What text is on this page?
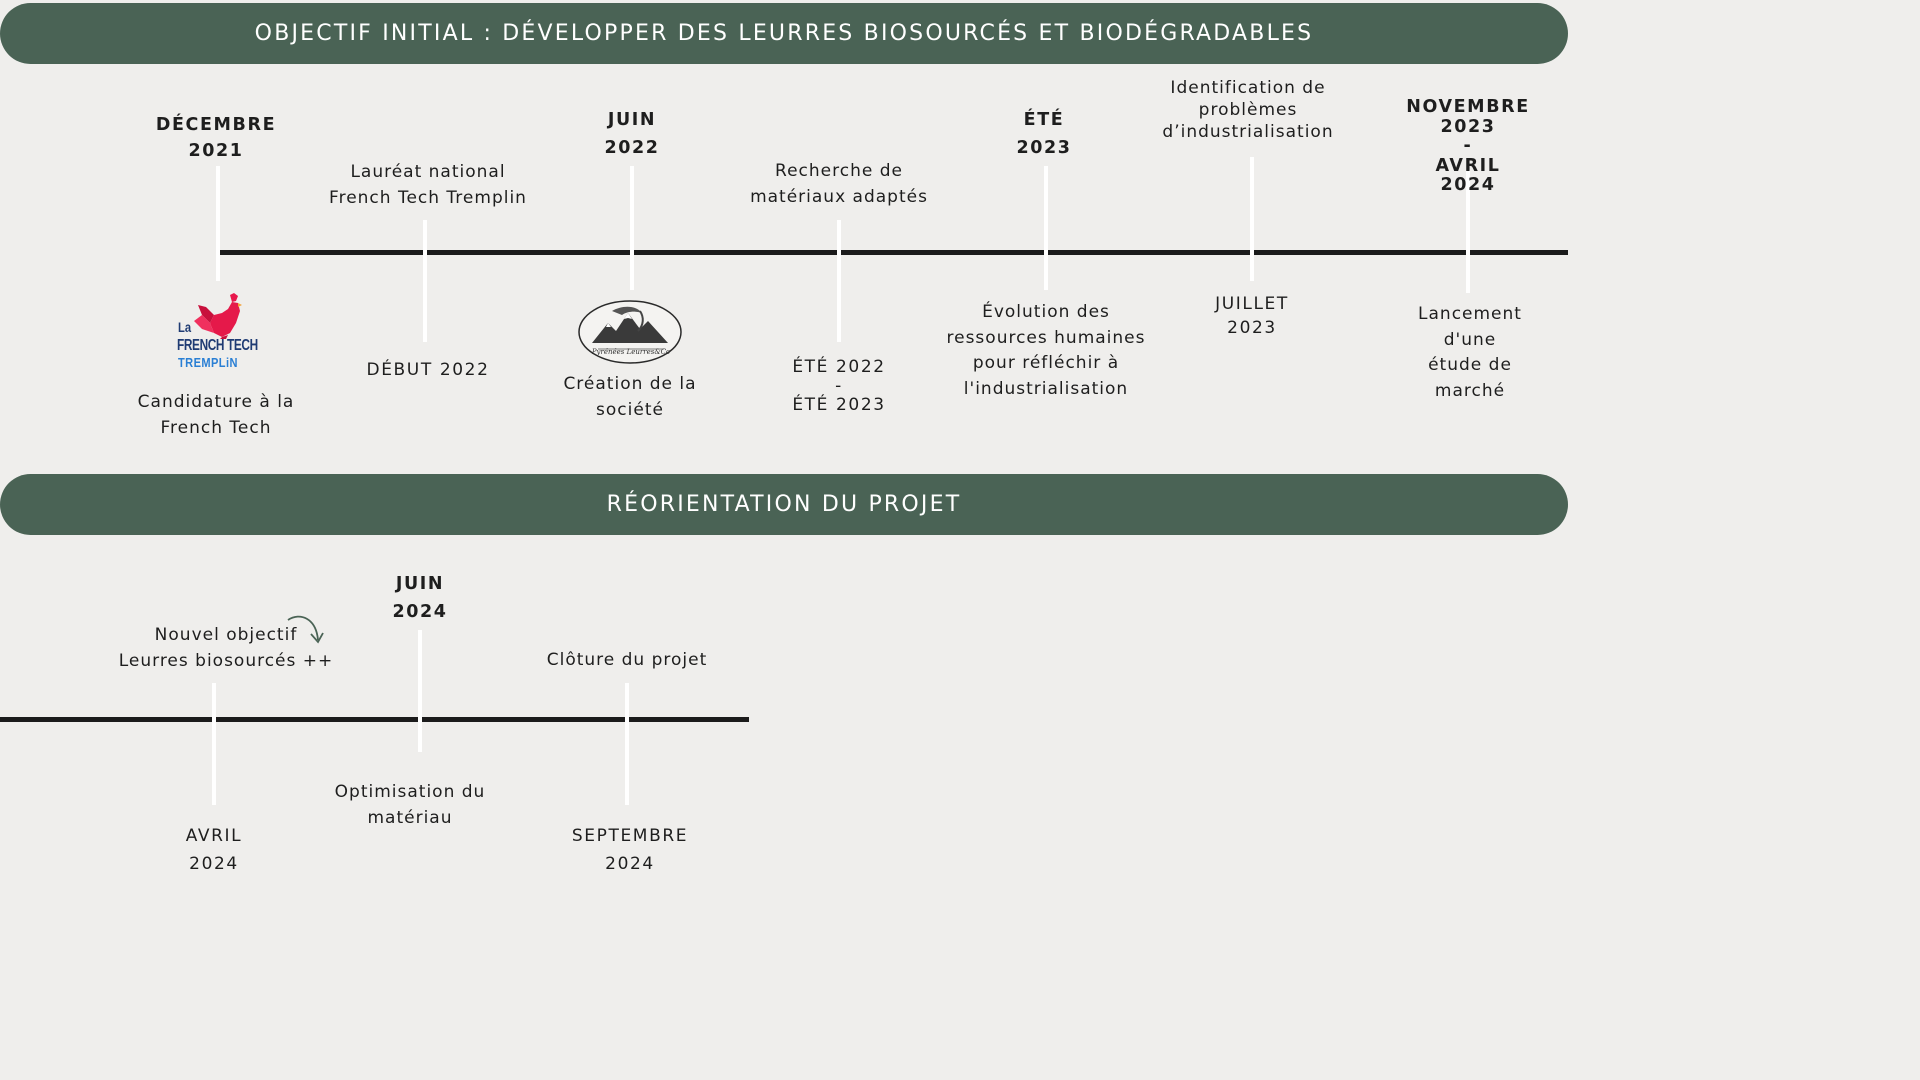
OBJECTIF INITIAL : DÉVELOPPER DES LEURRES BIOSOURCÉS ET BIODÉGRADABLES
RÉORIENTATION DU PROJET
DÉCEMBRE
2021
Candidature à la
French Tech
Lauréat national
French Tech Tremplin
DÉBUT 2022
JUIN
2022
Création de la
société
Recherche de
matériaux adaptés
ÉTÉ 2022
-
ÉTÉ 2023
ÉTÉ
2023
Évolution des
ressources humaines
pour réfléchir à
l'industrialisation
Identification de
problèmes
d’industrialisation
JUILLET
2023
NOVEMBRE 2023
-
AVRIL 2024
Lancement d'une
étude de marché
La
FRENCH TECH
TREMPLiN
Pyrénées Leurres&Co
Nouvel objectif
Leurres biosourcés ++
AVRIL
2024
JUIN
2024
Optimisation du
matériau
Clôture du projet
SEPTEMBRE
2024
